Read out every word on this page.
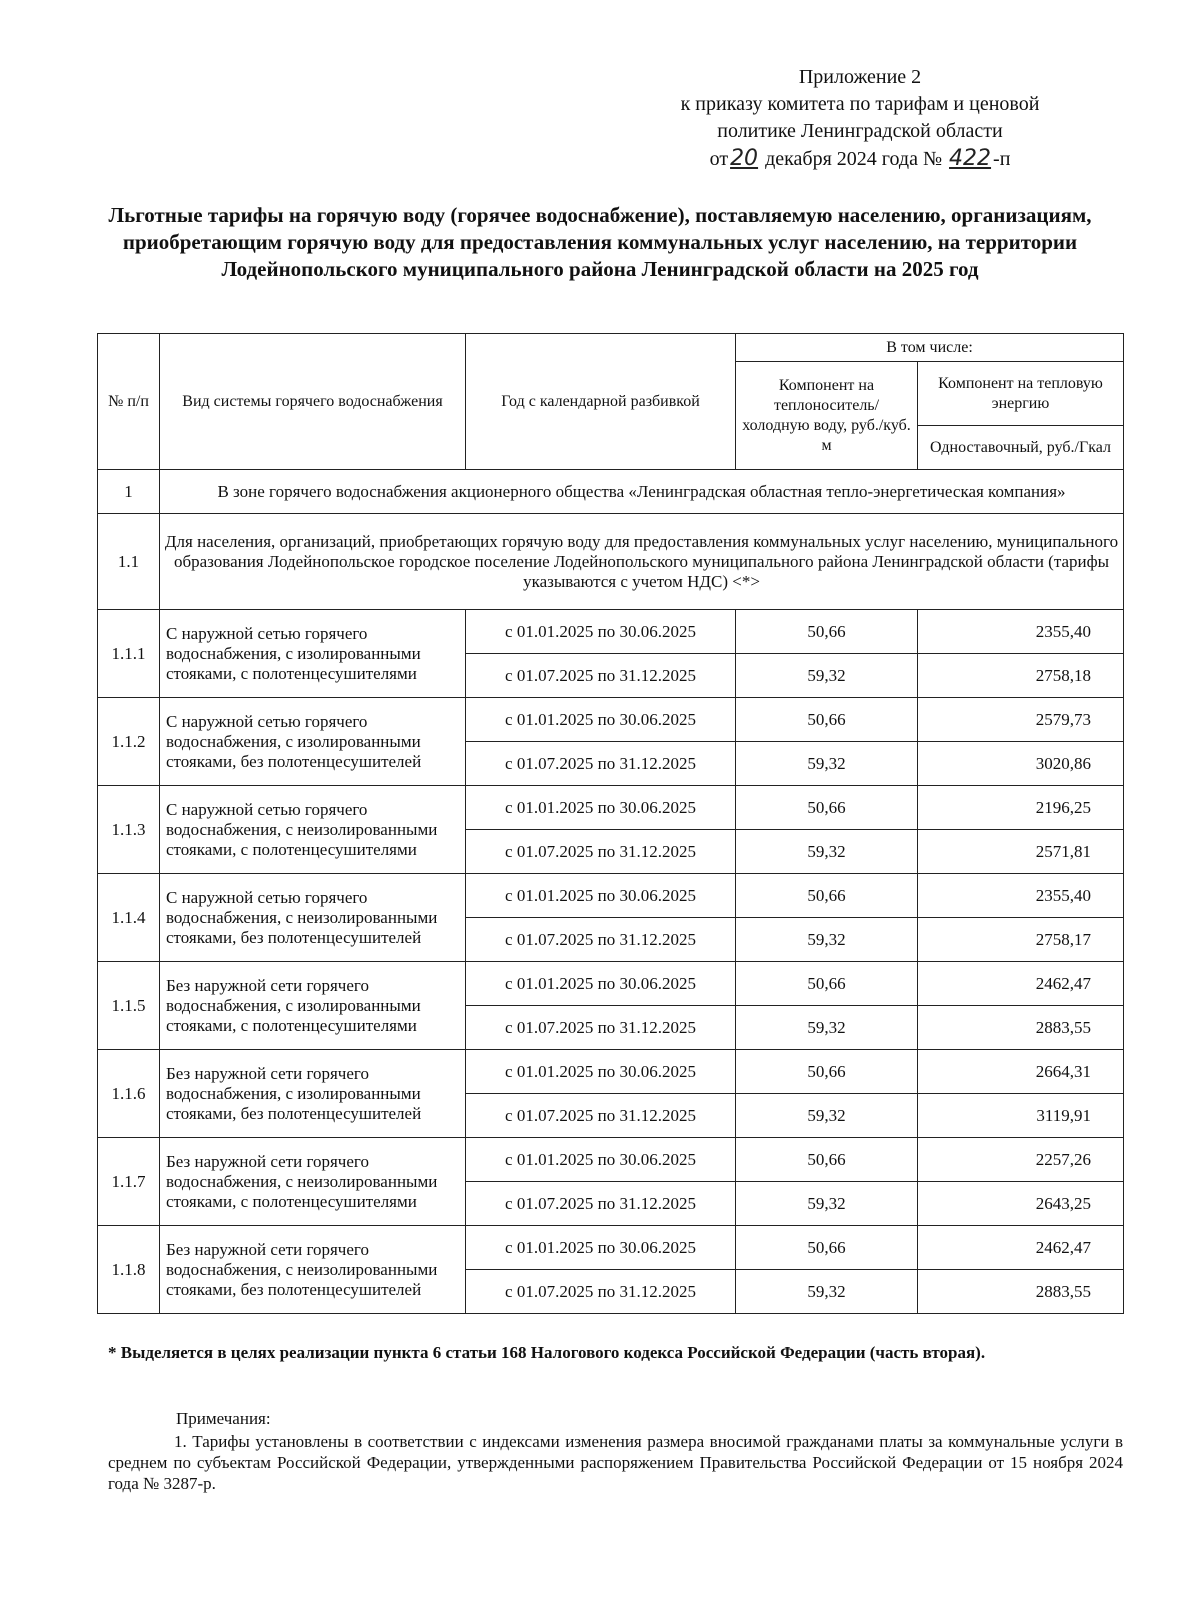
Приложение 2
к приказу комитета по тарифам и ценовой
политике Ленинградской области
от20 декабря 2024 года № 422 -п
Льготные тарифы на горячую воду (горячее водоснабжение), поставляемую населению, организациям, приобретающим горячую воду для предоставления коммунальных услуг населению, на территории Лодейнопольского муниципального района Ленинградской области на 2025 год
№ п/п	Вид системы горячего водоснабжения	Год с календарной разбивкой	В том числе:	
			Компонент на теплоноситель/ холодную воду, руб./куб. м	Компонент на тепловую энергию
				Одноставочный, руб./Гкал
1	В зоне горячего водоснабжения акционерного общества «Ленинградская областная тепло-энергетическая компания»			
1.1	Для населения, организаций, приобретающих горячую воду для предоставления коммунальных услуг населению, муниципального образования Лодейнопольское городское поселение Лодейнопольского муниципального района Ленинградской области (тарифы указываются с учетом НДС) <*>			
1.1.1	С наружной сетью горячего водоснабжения, с изолированными стояками, с полотенцесушителями	с 01.01.2025 по 30.06.2025	50,66	2355,40
		с 01.07.2025 по 31.12.2025	59,32	2758,18
1.1.2	С наружной сетью горячего водоснабжения, с изолированными стояками, без полотенцесушителей	с 01.01.2025 по 30.06.2025	50,66	2579,73
		с 01.07.2025 по 31.12.2025	59,32	3020,86
1.1.3	С наружной сетью горячего водоснабжения, с неизолированными стояками, с полотенцесушителями	с 01.01.2025 по 30.06.2025	50,66	2196,25
		с 01.07.2025 по 31.12.2025	59,32	2571,81
1.1.4	С наружной сетью горячего водоснабжения, с неизолированными стояками, без полотенцесушителей	с 01.01.2025 по 30.06.2025	50,66	2355,40
		с 01.07.2025 по 31.12.2025	59,32	2758,17
1.1.5	Без наружной сети горячего водоснабжения, с изолированными стояками, с полотенцесушителями	с 01.01.2025 по 30.06.2025	50,66	2462,47
		с 01.07.2025 по 31.12.2025	59,32	2883,55
1.1.6	Без наружной сети горячего водоснабжения, с изолированными стояками, без полотенцесушителей	с 01.01.2025 по 30.06.2025	50,66	2664,31
		с 01.07.2025 по 31.12.2025	59,32	3119,91
1.1.7	Без наружной сети горячего водоснабжения, с неизолированными стояками, с полотенцесушителями	с 01.01.2025 по 30.06.2025	50,66	2257,26
		с 01.07.2025 по 31.12.2025	59,32	2643,25
1.1.8	Без наружной сети горячего водоснабжения, с неизолированными стояками, без полотенцесушителей	с 01.01.2025 по 30.06.2025	50,66	2462,47
		с 01.07.2025 по 31.12.2025	59,32	2883,55
* Выделяется в целях реализации пункта 6 статьи 168 Налогового кодекса Российской Федерации (часть вторая).
Примечания:
1. Тарифы установлены в соответствии с индексами изменения размера вносимой гражданами платы за коммунальные услуги в среднем по субъектам Российской Федерации, утвержденными распоряжением Правительства Российской Федерации от 15 ноября 2024 года № 3287-р.
